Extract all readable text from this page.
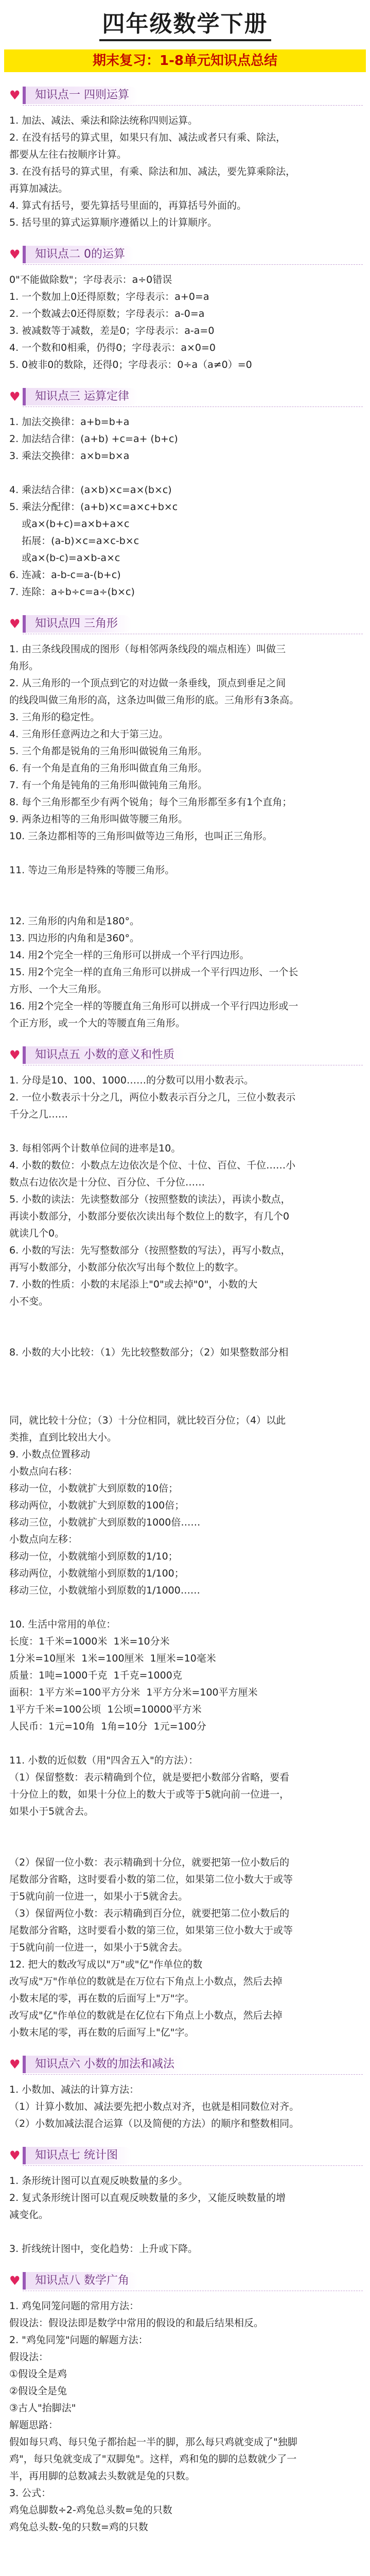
四年级数学下册
期末复习：1-8单元知识点总结
♥	知识点一 四则运算

1. 加法、减法、乘法和除法统称四则运算。

2. 在没有括号的算式里，如果只有加、减法或者只有乘、除法，

都要从左往右按顺序计算。

3. 在没有括号的算式里，有乘、除法和加、减法，要先算乘除法，

再算加减法。

4. 算式有括号，要先算括号里面的，再算括号外面的。

5. 括号里的算式运算顺序遵循以上的计算顺序。

♥	知识点二 0的运算

0"不能做除数"；字母表示：a÷0错误

1. 一个数加上0还得原数；字母表示：a+0=a

2. 一个数减去0还得原数；字母表示：a-0=a

3. 被减数等于减数，差是0；字母表示：a-a=0

4. 一个数和0相乘，仍得0；字母表示：a×0=0

5. 0被非0的数除，还得0；字母表示：0÷a（a≠0）=0

♥	知识点三 运算定律

1. 加法交换律：a+b=b+a

2. 加法结合律：(a+b) +c=a+ (b+c)

3. 乘法交换律：a×b=b×a

4. 乘法结合律：(a×b)×c=a×(b×c)

5. 乘法分配律：(a+b)×c=a×c+b×c

或a×(b+c)=a×b+a×c

拓展：(a-b)×c=a×c-b×c

或a×(b-c)=a×b-a×c

6. 连减：a-b-c=a-(b+c)

7. 连除：a÷b÷c=a÷(b×c)

♥	知识点四 三角形

1. 由三条线段围成的图形（每相邻两条线段的端点相连）叫做三

角形。

2. 从三角形的一个顶点到它的对边做一条垂线，顶点到垂足之间

的线段叫做三角形的高，这条边叫做三角形的底。三角形有3条高。

3. 三角形的稳定性。

4. 三角形任意两边之和大于第三边。

5. 三个角都是锐角的三角形叫做锐角三角形。

6. 有一个角是直角的三角形叫做直角三角形。

7. 有一个角是钝角的三角形叫做钝角三角形。

8. 每个三角形都至少有两个锐角；每个三角形都至多有1个直角；

9. 两条边相等的三角形叫做等腰三角形。

10. 三条边都相等的三角形叫做等边三角形，也叫正三角形。

11. 等边三角形是特殊的等腰三角形。

12. 三角形的内角和是180°。

13. 四边形的内角和是360°。

14. 用2个完全一样的三角形可以拼成一个平行四边形。

15. 用2个完全一样的直角三角形可以拼成一个平行四边形、一个长

方形、一个大三角形。

16. 用2个完全一样的等腰直角三角形可以拼成一个平行四边形或一

个正方形，或一个大的等腰直角三角形。

♥	知识点五 小数的意义和性质

1. 分母是10、100、1000……的分数可以用小数表示。

2. 一位小数表示十分之几，两位小数表示百分之几，三位小数表示

千分之几……

3. 每相邻两个计数单位间的进率是10。

4. 小数的数位：小数点左边依次是个位、十位、百位、千位……小

数点右边依次是十分位、百分位、千分位……

5. 小数的读法：先读整数部分（按照整数的读法），再读小数点，

再读小数部分，小数部分要依次读出每个数位上的数字，有几个0

就读几个0。

6. 小数的写法：先写整数部分（按照整数的写法），再写小数点，

再写小数部分，小数部分依次写出每个数位上的数字。

7. 小数的性质：小数的末尾添上"0"或去掉"0"，小数的大

小不变。

8. 小数的大小比较：（1）先比较整数部分；（2）如果整数部分相

同，就比较十分位；（3）十分位相同，就比较百分位；（4）以此

类推，直到比较出大小。

9. 小数点位置移动

小数点向右移：

移动一位，小数就扩大到原数的10倍；

移动两位，小数就扩大到原数的100倍；

移动三位，小数就扩大到原数的1000倍……

小数点向左移：

移动一位，小数就缩小到原数的1/10；

移动两位，小数就缩小到原数的1/100；

移动三位，小数就缩小到原数的1/1000……

10. 生活中常用的单位：

长度：1千米=1000米  1米=10分米

1分米=10厘米  1米=100厘米  1厘米=10毫米

质量：1吨=1000千克  1千克=1000克

面积：1平方米=100平方分米  1平方分米=100平方厘米

1平方千米=100公顷  1公顷=10000平方米

人民币：1元=10角  1角=10分  1元=100分

11. 小数的近似数（用"四舍五入"的方法）：

（1）保留整数：表示精确到个位，就是要把小数部分省略，要看

十分位上的数，如果十分位上的数大于或等于5就向前一位进一，

如果小于5就舍去。

（2）保留一位小数：表示精确到十分位，就要把第一位小数后的

尾数部分省略，这时要看小数的第二位，如果第二位小数大于或等

于5就向前一位进一，如果小于5就舍去。

（3）保留两位小数：表示精确到百分位，就要把第二位小数后的

尾数部分省略，这时要看小数的第三位，如果第三位小数大于或等

于5就向前一位进一，如果小于5就舍去。

12. 把大的数改写成以"万"或"亿"作单位的数

改写成"万"作单位的数就是在万位右下角点上小数点，然后去掉

小数末尾的零，再在数的后面写上"万"字。

改写成"亿"作单位的数就是在亿位右下角点上小数点，然后去掉

小数末尾的零，再在数的后面写上"亿"字。

♥	知识点六 小数的加法和减法

1. 小数加、减法的计算方法：

（1）计算小数加、减法要先把小数点对齐，也就是相同数位对齐。

（2）小数加减法混合运算（以及简便的方法）的顺序和整数相同。

♥	知识点七 统计图

1. 条形统计图可以直观反映数量的多少。

2. 复式条形统计图可以直观反映数量的多少，又能反映数量的增

减变化。

3. 折线统计图中，变化趋势：上升或下降。

♥	知识点八 数学广角

1. 鸡兔同笼问题的常用方法：

假设法：假设法即是数学中常用的假设的和最后结果相反。

2. "鸡兔同笼"问题的解题方法：

假设法：

①假设全是鸡

②假设全是兔

③古人"抬脚法"

解题思路：

假如每只鸡、每只兔子都抬起一半的脚，那么每只鸡就变成了"独脚

鸡"，每只兔就变成了"双脚兔"。这样，鸡和兔的脚的总数就少了一

半，再用脚的总数减去头数就是兔的只数。

3. 公式：

鸡兔总脚数÷2-鸡兔总头数=兔的只数

鸡兔总头数-兔的只数=鸡的只数
